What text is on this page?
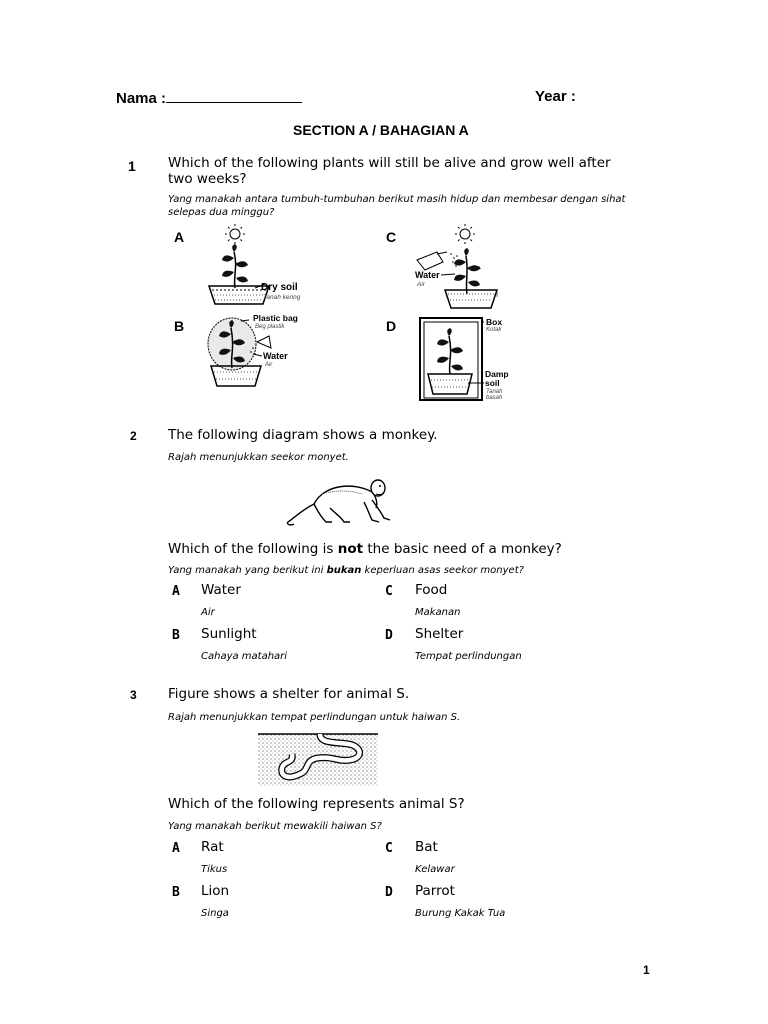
Nama :	Year :
SECTION A / BAHAGIAN A
1 Which of the following plants will still be alive and grow well after two weeks?
Yang manakah antara tumbuh-tumbuhan berikut masih hidup dan membesar dengan sihat selepas dua minggu?
A	C
B	D
Dry soil
Tanah kering
Water
Air
i
Plastic bag
Beg plastik
Water
Air
Box
Kotak
Damp
soil
Tanah
basah
2 The following diagram shows a monkey.
Rajah menunjukkan seekor monyet.
Which of the following is not the basic need of a monkey?
Yang manakah yang berikut ini bukan keperluan asas seekor monyet?
A Water
Air
C Food
Makanan
B Sunlight
Cahaya matahari
D Shelter
Tempat perlindungan
3 Figure shows a shelter for animal S.
Rajah menunjukkan tempat perlindungan untuk haiwan S.
Which of the following represents animal S?
Yang manakah berikut mewakili haiwan S?
A Rat
Tikus
C Bat
Kelawar
B Lion
Singa
D Parrot
Burung Kakak Tua
1
